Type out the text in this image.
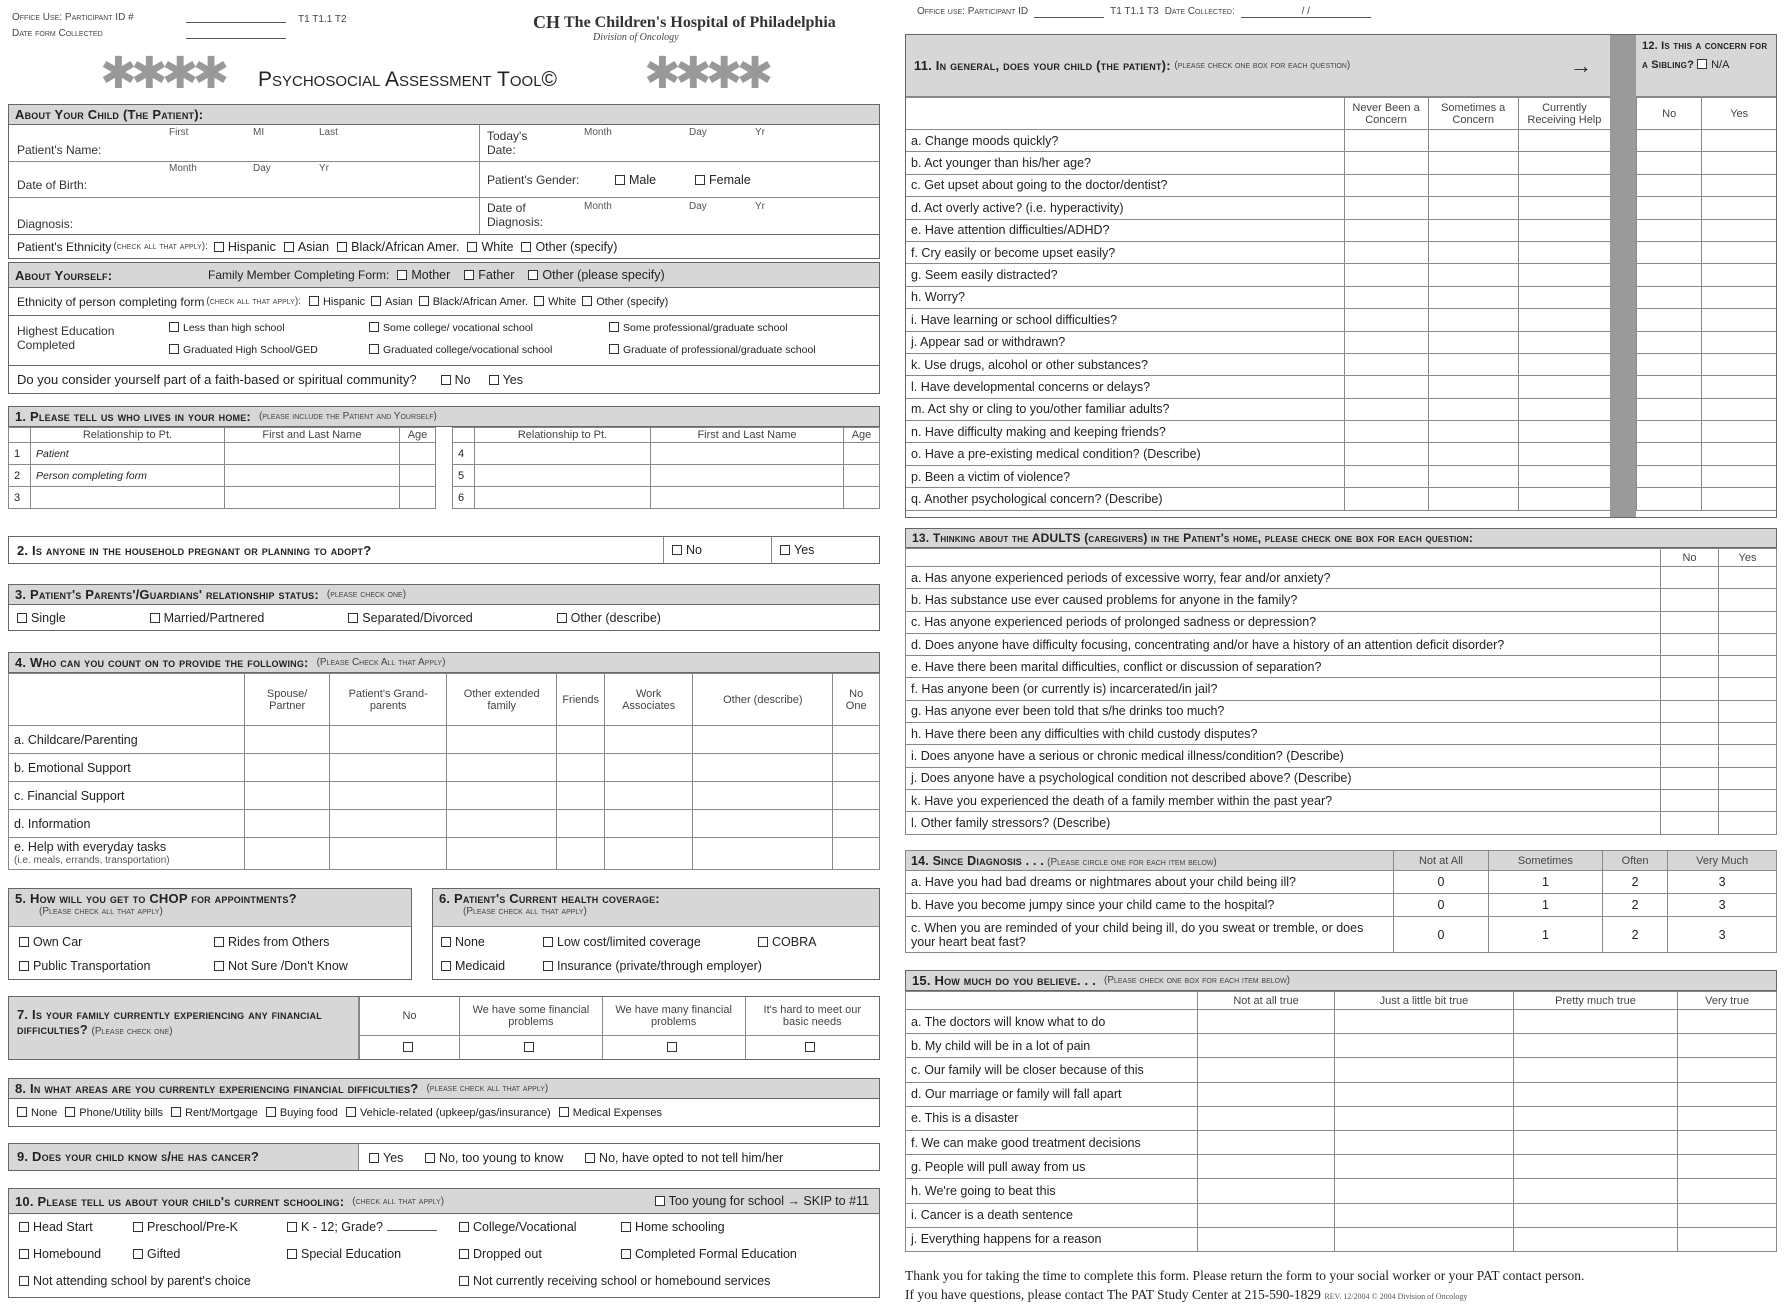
Office Use: Participant ID #	T1 T1.1 T2
Date form Collected
CH The Children's Hospital of Philadelphia
Division of Oncology
✱✱✱✱ Psychosocial Assessment Tool© ✱✱✱✱
About Your Child (The Patient):
First	MI	Last
Patient's Name:
Month	Day	Yr
Date of Birth:
Diagnosis:
Today's Date:
Month	Day	Yr
Patient's Gender:	Male	Female
Date of Diagnosis:
Month	Day	Yr
Patient's Ethnicity (check all that apply):	Hispanic	Asian	Black/African Amer.	White	Other (specify)
About Yourself:	Family Member Completing Form:	Mother	Father	Other (please specify)
Ethnicity of person completing form (check all that apply):	Hispanic	Asian	Black/African Amer.	White	Other (specify)
Highest Education Completed
Less than high school	Some college/ vocational school	Some professional/graduate school
Graduated High School/GED	Graduated college/vocational school	Graduate of professional/graduate school
Do you consider yourself part of a faith-based or spiritual community?	No	Yes
1. Please tell us who lives in your home: (please include the Patient and Yourself)
	Relationship to Pt.	First and Last Name	Age
1	Patient		
2	Person completing form		
3			
	Relationship to Pt.	First and Last Name	Age
4			
5			
6			
2. Is anyone in the household pregnant or planning to adopt?	No	Yes
3. Patient's Parents'/Guardians' relationship status: (please check one)
Single	Married/Partnered	Separated/Divorced	Other (describe)
4. Who can you count on to provide the following: (Please Check All that Apply)
	Spouse/ Partner	Patient's Grand-parents	Other extended family	Friends	Work Associates	Other (describe)	No One
a. Childcare/Parenting							
b. Emotional Support							
c. Financial Support							
d. Information							
e. Help with everyday tasks
(i.e. meals, errands, transportation)							
5. How will you get to CHOP for appointments?
(Please check all that apply)
Own Car	Rides from Others
Public Transportation	Not Sure /Don't Know
6. Patient's Current health coverage:
(Please check all that apply)
None	Low cost/limited coverage	COBRA
Medicaid	Insurance (private/through employer)
7. Is your family currently experiencing any financial difficulties? (Please check one)
No	We have some financial problems	We have many financial problems	It's hard to meet our basic needs

8. In what areas are you currently experiencing financial difficulties? (please check all that apply)
None	Phone/Utility bills	Rent/Mortgage	Buying food	Vehicle-related (upkeep/gas/insurance)	Medical Expenses
9. Does your child know s/he has cancer?	Yes	No, too young to know	No, have opted to not tell him/her
10. Please tell us about your child's current schooling: (check all that apply)	Too young for school → SKIP to #11
Head Start	Preschool/Pre-K	K - 12; Grade?	College/Vocational	Home schooling
Homebound	Gifted	Special Education	Dropped out	Completed Formal Education
Not attending school by parent's choice	Not currently receiving school or homebound services
Office use: Participant ID	T1 T1.1 T3 Date Collected:	/ /
11. In general, does your child (the patient):
(please check one box for each question)	→
12. Is this a concern for a Sibling? N/A
	Never Been a Concern	Sometimes a Concern	Currently Receiving Help
a. Change moods quickly?			
b. Act younger than his/her age?			
c. Get upset about going to the doctor/dentist?			
d. Act overly active? (i.e. hyperactivity)			
e. Have attention difficulties/ADHD?			
f. Cry easily or become upset easily?			
g. Seem easily distracted?			
h. Worry?			
i. Have learning or school difficulties?			
j. Appear sad or withdrawn?			
k. Use drugs, alcohol or other substances?			
l. Have developmental concerns or delays?			
m. Act shy or cling to you/other familiar adults?			
n. Have difficulty making and keeping friends?			
o. Have a pre-existing medical condition? (Describe)			
p. Been a victim of violence?			
q. Another psychological concern? (Describe)			
No	Yes

13. Thinking about the ADULTS (caregivers) in the Patient's home, please check one box for each question:
	No	Yes
a. Has anyone experienced periods of excessive worry, fear and/or anxiety?		
b. Has substance use ever caused problems for anyone in the family?		
c. Has anyone experienced periods of prolonged sadness or depression?		
d. Does anyone have difficulty focusing, concentrating and/or have a history of an attention deficit disorder?		
e. Have there been marital difficulties, conflict or discussion of separation?		
f. Has anyone been (or currently is) incarcerated/in jail?		
g. Has anyone ever been told that s/he drinks too much?		
h. Have there been any difficulties with child custody disputes?		
i. Does anyone have a serious or chronic medical illness/condition? (Describe)		
j. Does anyone have a psychological condition not described above? (Describe)		
k. Have you experienced the death of a family member within the past year?		
l. Other family stressors? (Describe)		
14. Since Diagnosis . . . (Please circle one for each item below)	Not at All	Sometimes	Often	Very Much
a. Have you had bad dreams or nightmares about your child being ill?	0	1	2	3
b. Have you become jumpy since your child came to the hospital?	0	1	2	3
c. When you are reminded of your child being ill, do you sweat or tremble, or does your heart beat fast?	0	1	2	3
15. How much do you believe. . . (Please check one box for each item below)
	Not at all true	Just a little bit true	Pretty much true	Very true
a. The doctors will know what to do				
b. My child will be in a lot of pain				
c. Our family will be closer because of this				
d. Our marriage or family will fall apart				
e. This is a disaster				
f. We can make good treatment decisions				
g. People will pull away from us				
h. We're going to beat this				
i. Cancer is a death sentence				
j. Everything happens for a reason				
Thank you for taking the time to complete this form. Please return the form to your social worker or your PAT contact person.
If you have questions, please contact The PAT Study Center at 215-590-1829 REV. 12/2004 © 2004 Division of Oncology
